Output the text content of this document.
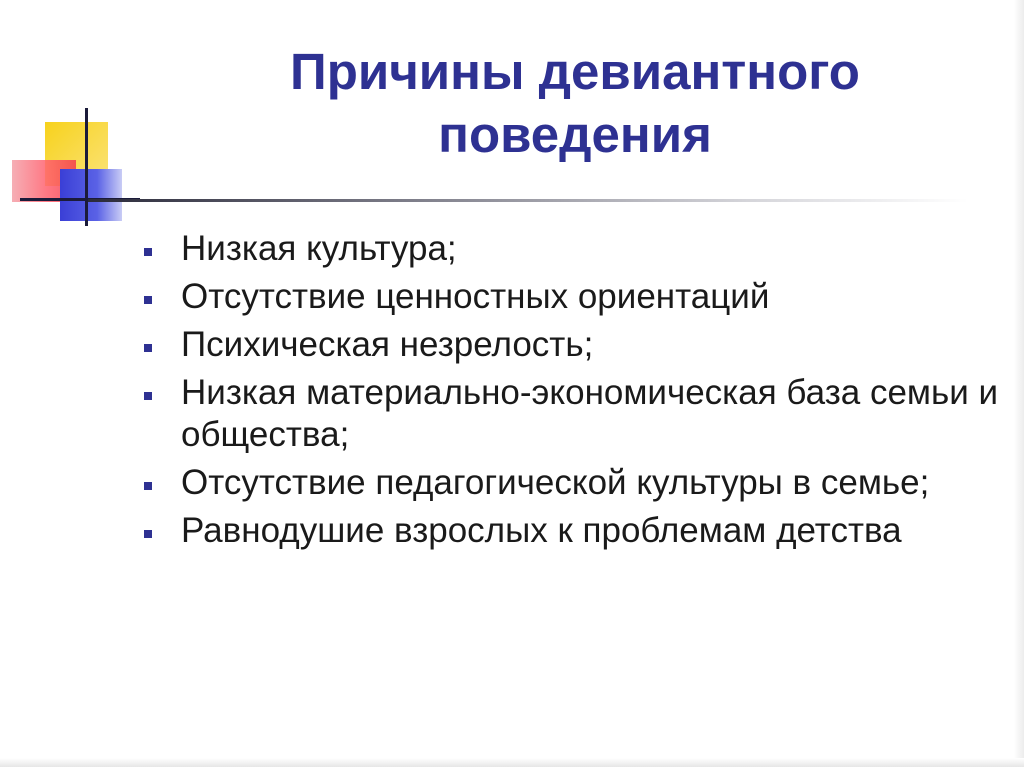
Причины девиантного
поведения
Низкая культура;
Отсутствие ценностных ориентаций
Психическая незрелость;
Низкая материально-экономическая база семьи и общества;
Отсутствие педагогической культуры в семье;
Равнодушие взрослых к проблемам детства
